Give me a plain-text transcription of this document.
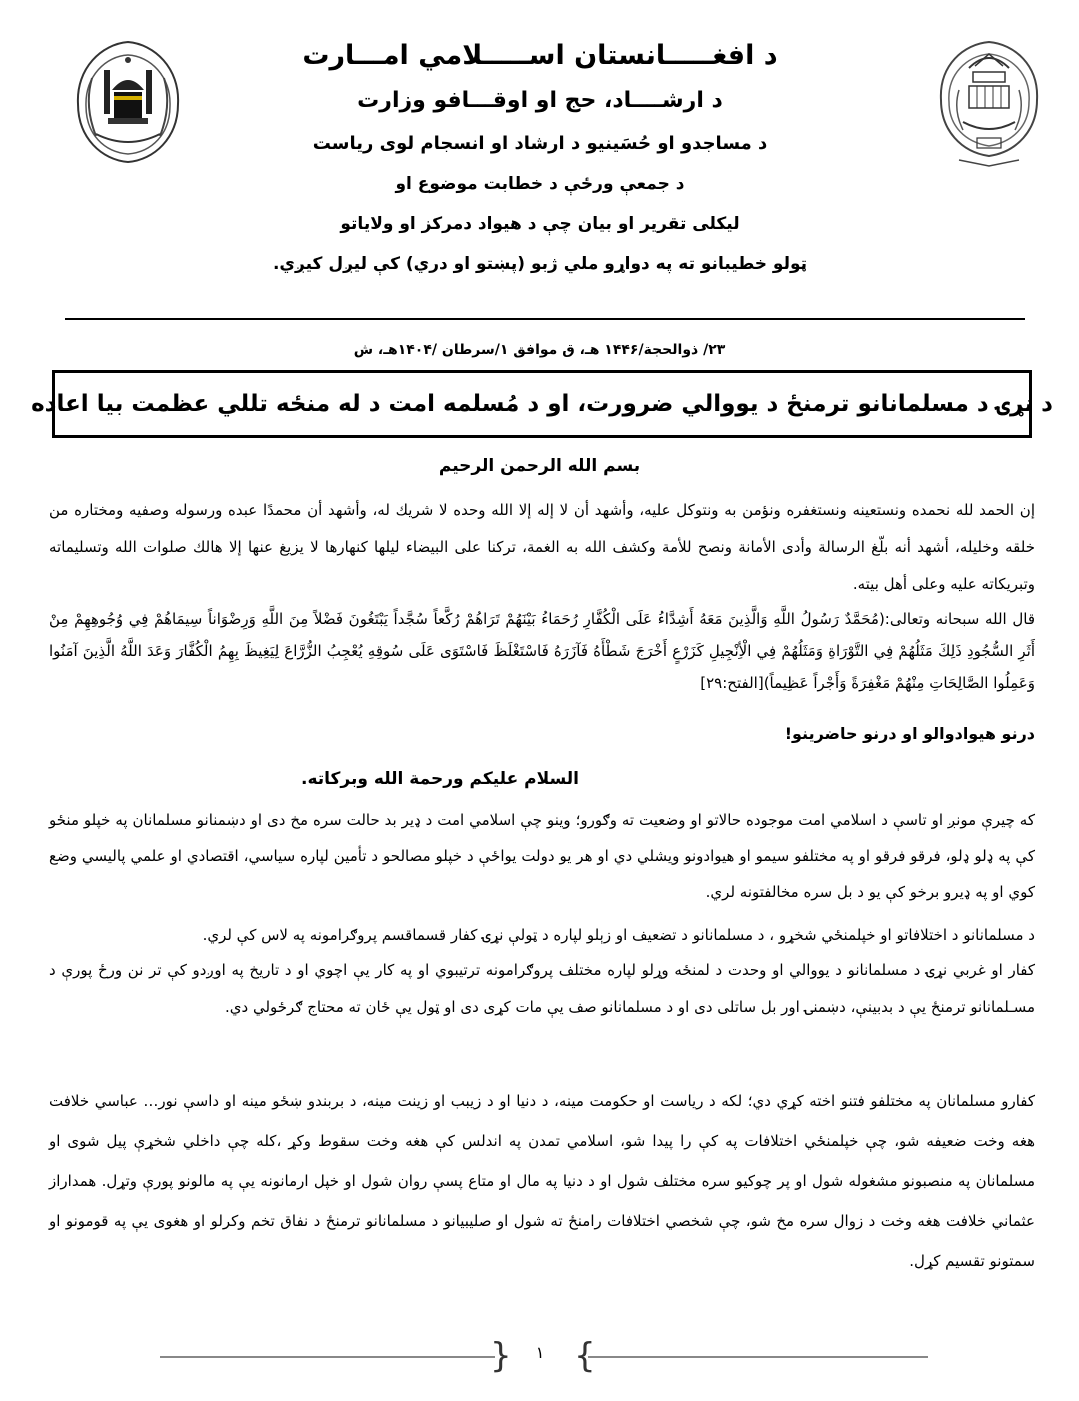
د افغـــــانستان اســـــلامي امـــارت

د ارشــــاد، حج او اوقـــافو وزارت

د مساجدو او حُسَينيو د ارشاد او انسجام لوی ریاست

د جمعې ورځې د خطابت موضوع او

ليکلی تقرير او بيان چې د هيواد دمرکز او ولاياتو

ټولو خطيبانو ته په دواړو ملي ژبو (پښتو او دري) کې ليږل کيږي.

۲۳/ ذوالحجة/۱۴۴۶ هـ، ق موافق ۱/سرطان /۱۴۰۴هـ، ش
د نړۍ د مسلمانانو ترمنځ د يووالي ضرورت، او د مُسلمه امت د له منځه تللي عظمت بيا اعاده
بسم الله الرحمن الرحيم

إن الحمد لله نحمده ونستعينه ونستغفره ونؤمن به ونتوكل عليه، وأشهد أن لا إله إلا الله وحده لا شريك له، وأشهد أن محمدًا عبده ورسوله وصفيه ومختاره من خلقه وخليله، أشهد أنه بلّغ الرسالة وأدى الأمانة ونصح للأمة وكشف الله به الغمة، تركنا على البيضاء ليلها كنهارها لا يزيغ عنها إلا هالك صلوات الله وتسليماته وتبريكاته عليه وعلى أهل بيته.

قال الله سبحانه وتعالى:(مُحَمَّدٌ رَسُولُ اللَّهِ وَالَّذِينَ مَعَهُ أَشِدَّاءُ عَلَى الْكُفَّارِ رُحَمَاءُ بَيْنَهُمْ تَرَاهُمْ رُكَّعاً سُجَّداً يَبْتَغُونَ فَضْلاً مِنَ اللَّهِ وَرِضْوَاناً سِيمَاهُمْ فِي وُجُوهِهِمْ مِنْ أَثَرِ السُّجُودِ ذَلِكَ مَثَلُهُمْ فِي التَّوْرَاةِ وَمَثَلُهُمْ فِي الْأِنْجِيلِ كَزَرْعٍ أَخْرَجَ شَطْأَهُ فَآزَرَهُ فَاسْتَغْلَظَ فَاسْتَوَى عَلَى سُوقِهِ يُعْجِبُ الزُّرَّاعَ لِيَغِيظَ بِهِمُ الْكُفَّارَ وَعَدَ اللَّهُ الَّذِينَ آمَنُوا وَعَمِلُوا الصَّالِحَاتِ مِنْهُمْ مَغْفِرَةً وَأَجْراً عَظِيماً)[الفتح:۲۹]

درنو هيوادوالو او درنو حاضرينو!

السلام عليکم ورحمة الله وبرکاته.

که چيرې مونږ او تاسې د اسلامي امت موجوده حالاتو او وضعيت ته وګورو؛ وينو چې اسلامي امت د ډير بد حالت سره مخ دی او دښمنانو مسلمانان په خپلو منځو کې په ډلو ډلو، فرقو فرقو او په مختلفو سيمو او هيوادونو ويشلي دي او هر يو دولت يواځې د خپلو مصالحو د تأمين لپاره سياسي، اقتصادي او علمي پاليسي وضع کوي او په ډيرو برخو کې يو د بل سره مخالفتونه لري.

د مسلمانانو د اختلافاتو او خپلمنځي شخړو ، د مسلمانانو د تضعيف او زېلو لپاره د ټولې نړۍ کفار قسماقسم پروګرامونه په لاس کې لري.

کفار او غربي نړۍ د مسلمانانو د يووالي او وحدت د لمنځه وړلو لپاره مختلف پروګرامونه ترتيبوي او په کار يې اچوي او د تاريخ په اوږدو کې تر نن ورځ پورې د مسـلمانانو ترمنځ يې د بدبينې، دښمنۍ اور بل ساتلی دی او د مسلمانانو صف يې مات کړی دی او ټول يې ځان ته محتاج ګرځولي دي.

کفارو مسلمانان په مختلفو فتنو اخته کړي دي؛ لکه د رياست او حکومت مينه، د دنيا او د زيبب او زينت مينه، د بربندو ښځو مينه او داسې نور… عباسي خلافت هغه وخت ضعيفه شو، چې خپلمنځي اختلافات په کې را پيدا شو، اسلامي تمدن په اندلس کې هغه وخت سقوط وکړ ،کله چې داخلي شخړې پيل شوی او مسلمانان په منصبونو مشغوله شول او پر چوکيو سره مختلف شول او د دنيا په مال او متاع پسې روان شول او خپل ارمانونه يې په مالونو پورې وتړل. همداراز عثماني خلافت هغه وخت د زوال سره مخ شو، چې شخصي اختلافات رامنځ ته شول او صليبيانو د مسلمانانو ترمنځ د نفاق تخم وکرلو او هغوی يې په قومونو او سمتونو تقسيم کړل.

{ }
۱
